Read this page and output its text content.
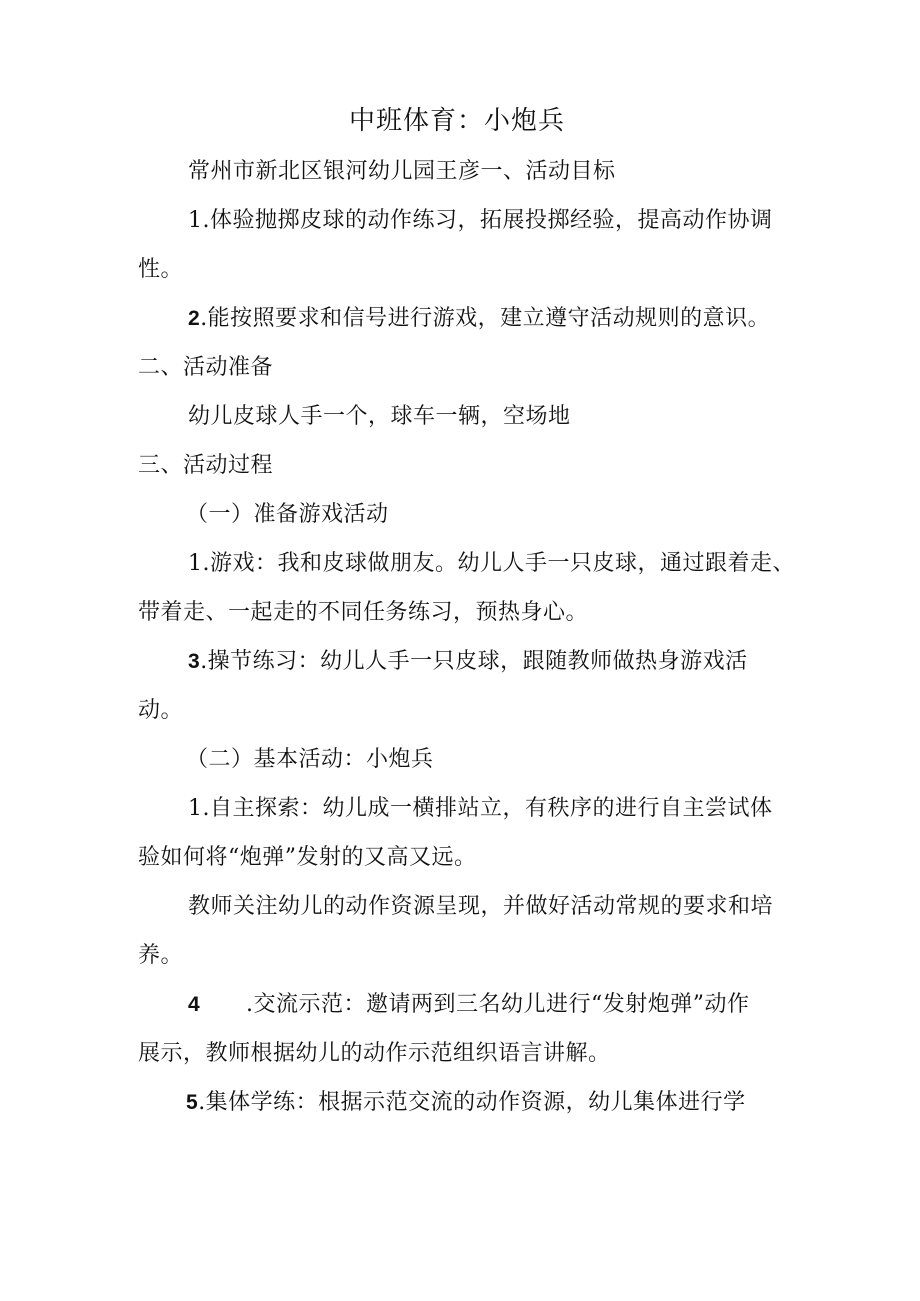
中班体育：小炮兵
常州市新北区银河幼儿园王彦一、活动目标
1.体验抛掷皮球的动作练习，拓展投掷经验，提高动作协调
性。
2.能按照要求和信号进行游戏，建立遵守活动规则的意识。
二、活动准备
幼儿皮球人手一个，球车一辆，空场地
三、活动过程
（一）准备游戏活动
1.游戏：我和皮球做朋友。幼儿人手一只皮球，通过跟着走、
带着走、一起走的不同任务练习，预热身心。
3.操节练习：幼儿人手一只皮球，跟随教师做热身游戏活
动。
（二）基本活动：小炮兵
1.自主探索：幼儿成一横排站立，有秩序的进行自主尝试体
验如何将“炮弹”发射的又高又远。
教师关注幼儿的动作资源呈现，并做好活动常规的要求和培
养。
4 .交流示范：邀请两到三名幼儿进行“发射炮弹”动作
展示，教师根据幼儿的动作示范组织语言讲解。
5.集体学练：根据示范交流的动作资源，幼儿集体进行学
